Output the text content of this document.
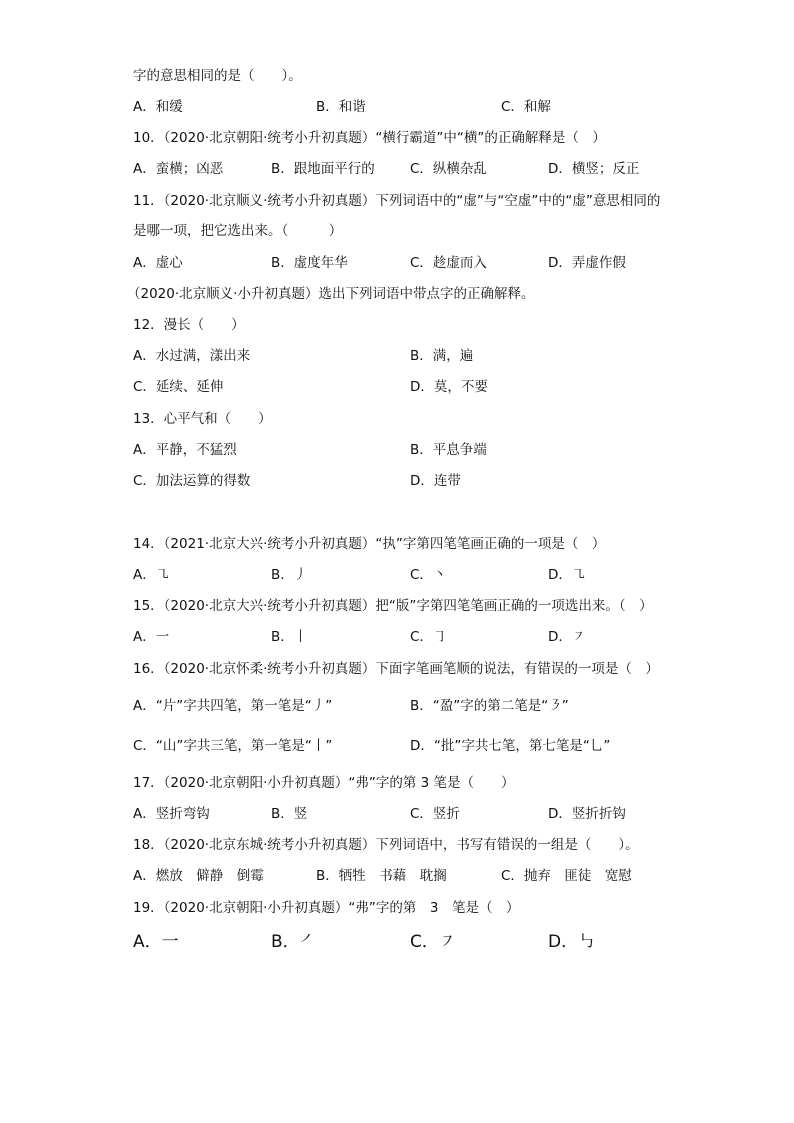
字的意思相同的是（　　）。
A．和缓	B．和谐	C．和解
10．（2020·北京朝阳·统考小升初真题）“横行霸道”中“横”的正确解释是（　）
A．蛮横；凶恶	B．跟地面平行的	C．纵横杂乱	D．横竖；反正
11．（2020·北京顺义·统考小升初真题）下列词语中的“虚”与“空虚”中的“虚”意思相同的
是哪一项，把它选出来。（　　　）
A．虚心	B．虚度年华	C．趁虚而入	D．弄虚作假
（2020·北京顺义·小升初真题）选出下列词语中带点字的正确解释。
12．漫长（　　）
A．水过满，漾出来	B．满，遍
C．延续、延伸	D．莫，不要
13．心平气和（　　）
A．平静，不猛烈	B．平息争端
C．加法运算的得数	D．连带
14．（2021·北京大兴·统考小升初真题）“执”字第四笔笔画正确的一项是（　）
A．㇈	B．丿	C．丶	D．㇈
15．（2020·北京大兴·统考小升初真题）把“版”字第四笔笔画正确的一项选出来。（　）
A．一	B．丨	C．㇆	D．㇇
16．（2020·北京怀柔·统考小升初真题）下面字笔画笔顺的说法，有错误的一项是（　）
A．“片”字共四笔，第一笔是“丿”	B．“盈”字的第二笔是“㇋”
C．“山”字共三笔，第一笔是“丨”	D．“批”字共七笔，第七笔是“乚”
17．（2020·北京朝阳·小升初真题）“弗”字的第 3 笔是（　　）
A．竖折弯钩	B．竖	C．竖折	D．竖折折钩
18．（2020·北京东城·统考小升初真题）下列词语中，书写有错误的一组是（　　）。
A．燃放　僻静　倒霉	B．牺牲　书藉　耽搁	C．抛弃　匪徒　宽慰
19．（2020·北京朝阳·小升初真题）“弗”字的第　3　笔是（　）
A．一	B．㇒	C．㇇	D．㇉
